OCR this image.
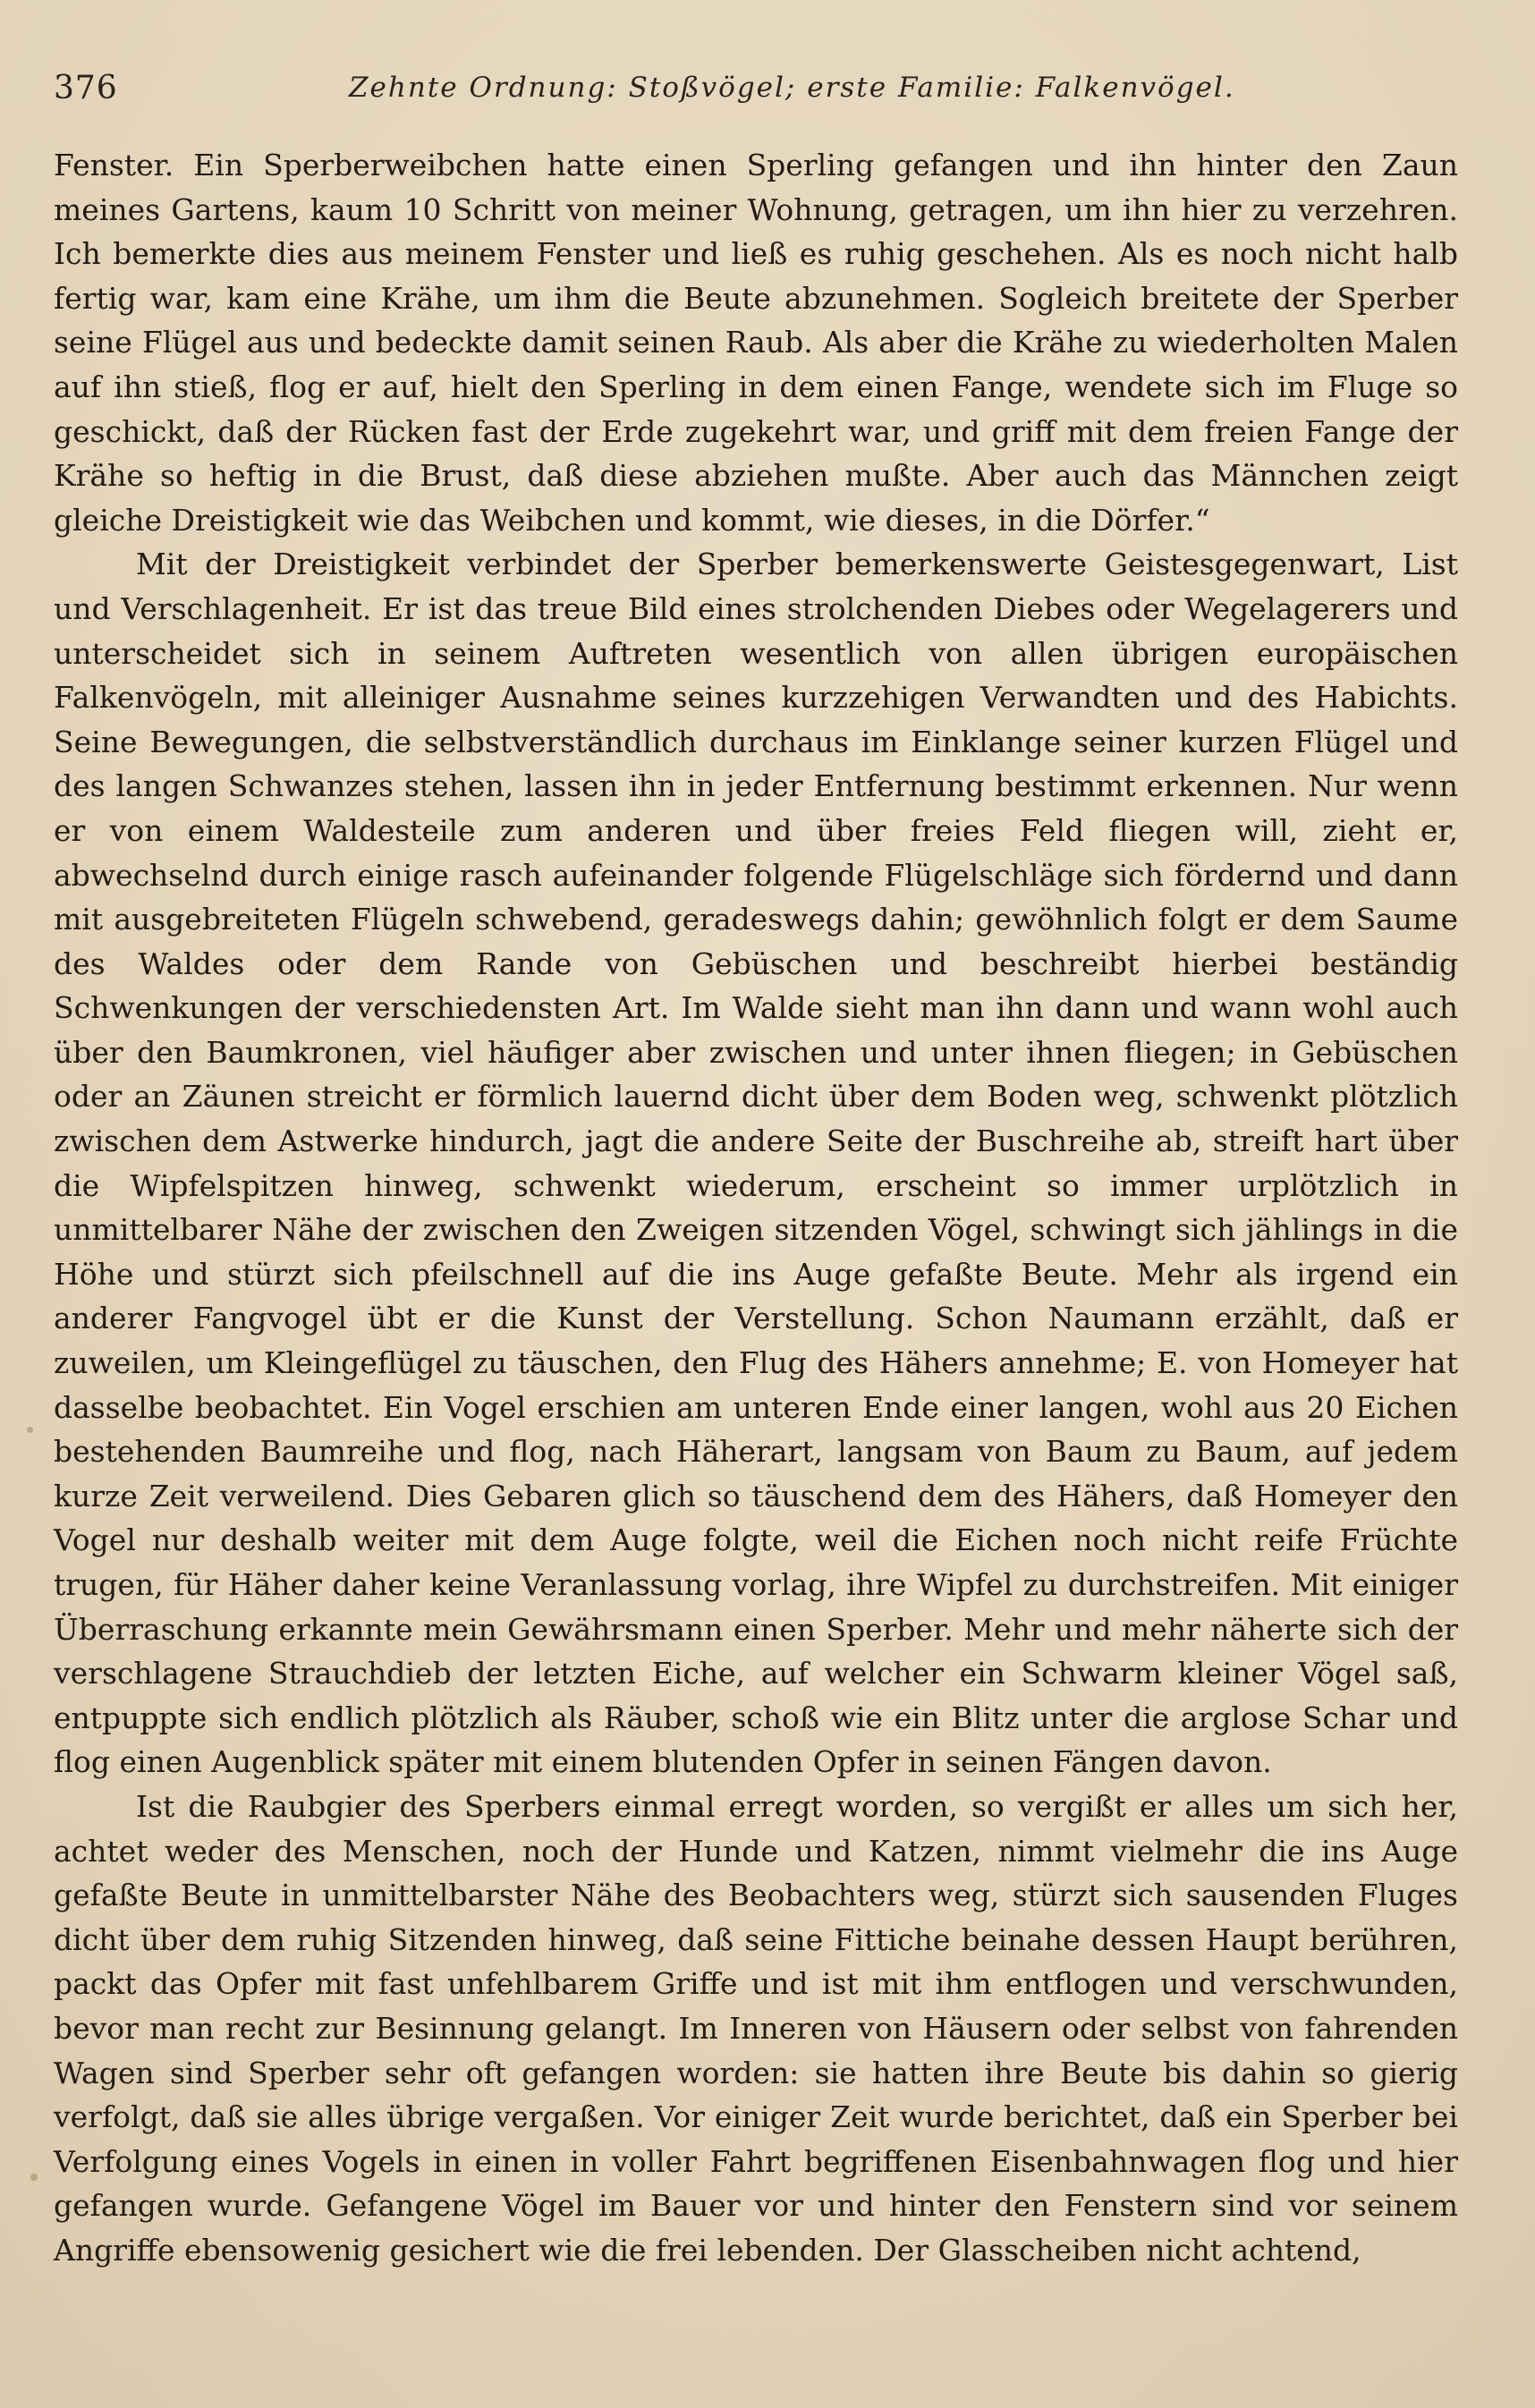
376	Zehnte Ordnung: Stoßvögel; erste Familie: Falkenvögel.

Fenster. Ein Sperberweibchen hatte einen Sperling gefangen und ihn hinter den Zaun meines Gartens, kaum 10 Schritt von meiner Wohnung, getragen, um ihn hier zu verzehren. Ich bemerkte dies aus meinem Fenster und ließ es ruhig geschehen. Als es noch nicht halb fertig war, kam eine Krähe, um ihm die Beute abzunehmen. Sogleich breitete der Sperber seine Flügel aus und bedeckte damit seinen Raub. Als aber die Krähe zu wiederholten Malen auf ihn stieß, flog er auf, hielt den Sperling in dem einen Fange, wendete sich im Fluge so geschickt, daß der Rücken fast der Erde zugekehrt war, und griff mit dem freien Fange der Krähe so heftig in die Brust, daß diese abziehen mußte. Aber auch das Männchen zeigt gleiche Dreistigkeit wie das Weibchen und kommt, wie dieses, in die Dörfer.“

Mit der Dreistigkeit verbindet der Sperber bemerkenswerte Geistesgegenwart, List und Verschlagenheit. Er ist das treue Bild eines strolchenden Diebes oder Wegelagerers und unterscheidet sich in seinem Auftreten wesentlich von allen übrigen europäischen Falkenvögeln, mit alleiniger Ausnahme seines kurzzehigen Verwandten und des Habichts. Seine Bewegungen, die selbstverständlich durchaus im Einklange seiner kurzen Flügel und des langen Schwanzes stehen, lassen ihn in jeder Entfernung bestimmt erkennen. Nur wenn er von einem Waldesteile zum anderen und über freies Feld fliegen will, zieht er, abwechselnd durch einige rasch aufeinander folgende Flügelschläge sich fördernd und dann mit ausgebreiteten Flügeln schwebend, geradeswegs dahin; gewöhnlich folgt er dem Saume des Waldes oder dem Rande von Gebüschen und beschreibt hierbei beständig Schwenkungen der verschiedensten Art. Im Walde sieht man ihn dann und wann wohl auch über den Baumkronen, viel häufiger aber zwischen und unter ihnen fliegen; in Gebüschen oder an Zäunen streicht er förmlich lauernd dicht über dem Boden weg, schwenkt plötzlich zwischen dem Astwerke hindurch, jagt die andere Seite der Buschreihe ab, streift hart über die Wipfelspitzen hinweg, schwenkt wiederum, erscheint so immer urplötzlich in unmittelbarer Nähe der zwischen den Zweigen sitzenden Vögel, schwingt sich jählings in die Höhe und stürzt sich pfeilschnell auf die ins Auge gefaßte Beute. Mehr als irgend ein anderer Fangvogel übt er die Kunst der Verstellung. Schon Naumann erzählt, daß er zuweilen, um Kleingeflügel zu täuschen, den Flug des Hähers annehme; E. von Homeyer hat dasselbe beobachtet. Ein Vogel erschien am unteren Ende einer langen, wohl aus 20 Eichen bestehenden Baumreihe und flog, nach Häherart, langsam von Baum zu Baum, auf jedem kurze Zeit verweilend. Dies Gebaren glich so täuschend dem des Hähers, daß Homeyer den Vogel nur deshalb weiter mit dem Auge folgte, weil die Eichen noch nicht reife Früchte trugen, für Häher daher keine Veranlassung vorlag, ihre Wipfel zu durchstreifen. Mit einiger Überraschung erkannte mein Gewährsmann einen Sperber. Mehr und mehr näherte sich der verschlagene Strauchdieb der letzten Eiche, auf welcher ein Schwarm kleiner Vögel saß, entpuppte sich endlich plötzlich als Räuber, schoß wie ein Blitz unter die arglose Schar und flog einen Augenblick später mit einem blutenden Opfer in seinen Fängen davon.

Ist die Raubgier des Sperbers einmal erregt worden, so vergißt er alles um sich her, achtet weder des Menschen, noch der Hunde und Katzen, nimmt vielmehr die ins Auge gefaßte Beute in unmittelbarster Nähe des Beobachters weg, stürzt sich sausenden Fluges dicht über dem ruhig Sitzenden hinweg, daß seine Fittiche beinahe dessen Haupt berühren, packt das Opfer mit fast unfehlbarem Griffe und ist mit ihm entflogen und verschwunden, bevor man recht zur Besinnung gelangt. Im Inneren von Häusern oder selbst von fahrenden Wagen sind Sperber sehr oft gefangen worden: sie hatten ihre Beute bis dahin so gierig verfolgt, daß sie alles übrige vergaßen. Vor einiger Zeit wurde berichtet, daß ein Sperber bei Verfolgung eines Vogels in einen in voller Fahrt begriffenen Eisenbahnwagen flog und hier gefangen wurde. Gefangene Vögel im Bauer vor und hinter den Fenstern sind vor seinem Angriffe ebensowenig gesichert wie die frei lebenden. Der Glasscheiben nicht achtend,
